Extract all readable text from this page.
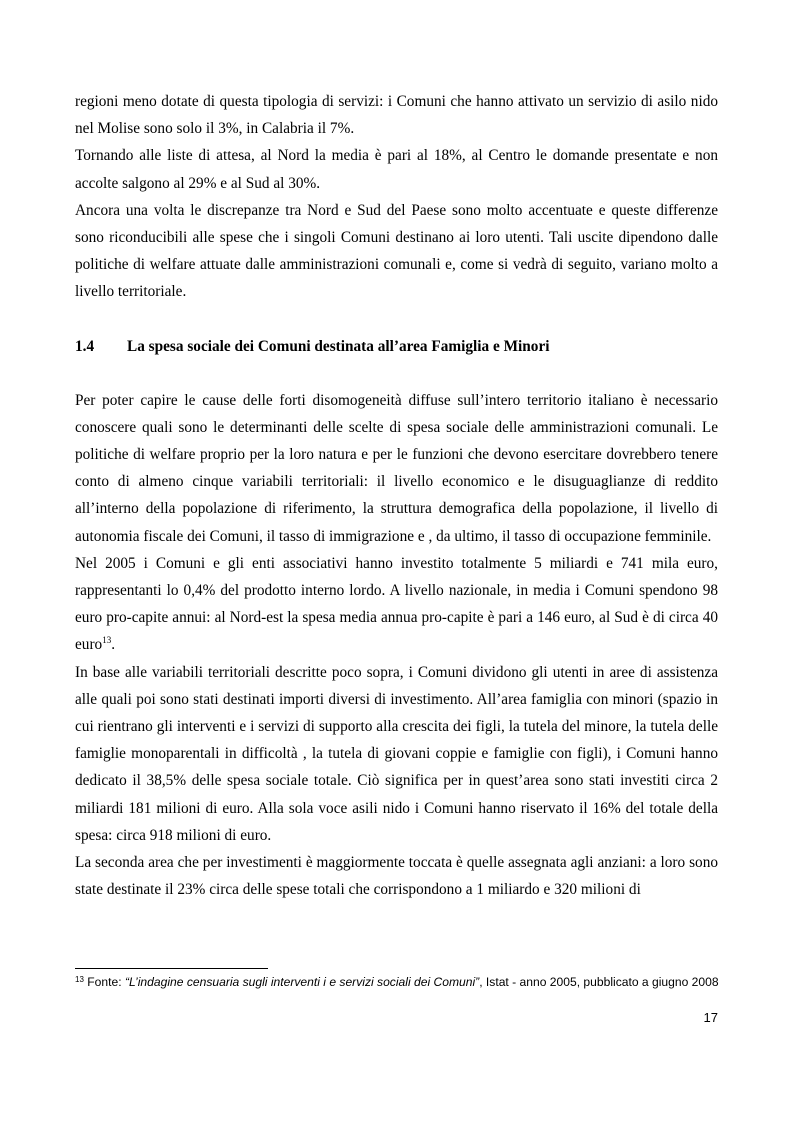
regioni meno dotate di questa tipologia di servizi: i Comuni che hanno attivato un servizio di asilo nido nel Molise sono solo il 3%, in Calabria il 7%.

Tornando alle liste di attesa, al Nord la media è pari al 18%, al Centro le domande presentate e non accolte salgono al 29% e al Sud al 30%.

Ancora una volta le discrepanze tra Nord e Sud del Paese sono molto accentuate e queste differenze sono riconducibili alle spese che i singoli Comuni destinano ai loro utenti. Tali uscite dipendono dalle politiche di welfare attuate dalle amministrazioni comunali e, come si vedrà di seguito, variano molto a livello territoriale.

1.4 La spesa sociale dei Comuni destinata all’area Famiglia e Minori

Per poter capire le cause delle forti disomogeneità diffuse sull’intero territorio italiano è necessario conoscere quali sono le determinanti delle scelte di spesa sociale delle amministrazioni comunali. Le politiche di welfare proprio per la loro natura e per le funzioni che devono esercitare dovrebbero tenere conto di almeno cinque variabili territoriali: il livello economico e le disuguaglianze di reddito all’interno della popolazione di riferimento, la struttura demografica della popolazione, il livello di autonomia fiscale dei Comuni, il tasso di immigrazione e , da ultimo, il tasso di occupazione femminile.

Nel 2005 i Comuni e gli enti associativi hanno investito totalmente 5 miliardi e 741 mila euro, rappresentanti lo 0,4% del prodotto interno lordo. A livello nazionale, in media i Comuni spendono 98 euro pro-capite annui: al Nord-est la spesa media annua pro-capite è pari a 146 euro, al Sud è di circa 40 euro$^{13}$.

In base alle variabili territoriali descritte poco sopra, i Comuni dividono gli utenti in aree di assistenza alle quali poi sono stati destinati importi diversi di investimento. All’area famiglia con minori (spazio in cui rientrano gli interventi e i servizi di supporto alla crescita dei figli, la tutela del minore, la tutela delle famiglie monoparentali in difficoltà , la tutela di giovani coppie e famiglie con figli), i Comuni hanno dedicato il 38,5% delle spesa sociale totale. Ciò significa per in quest’area sono stati investiti circa 2 miliardi 181 milioni di euro. Alla sola voce asili nido i Comuni hanno riservato il 16% del totale della spesa: circa 918 milioni di euro.

La seconda area che per investimenti è maggiormente toccata è quelle assegnata agli anziani: a loro sono state destinate il 23% circa delle spese totali che corrispondono a 1 miliardo e 320 milioni di

$^{13}$ Fonte: “L’indagine censuaria sugli interventi i e servizi sociali dei Comuni”, Istat - anno 2005, pubblicato a giugno 2008
17
